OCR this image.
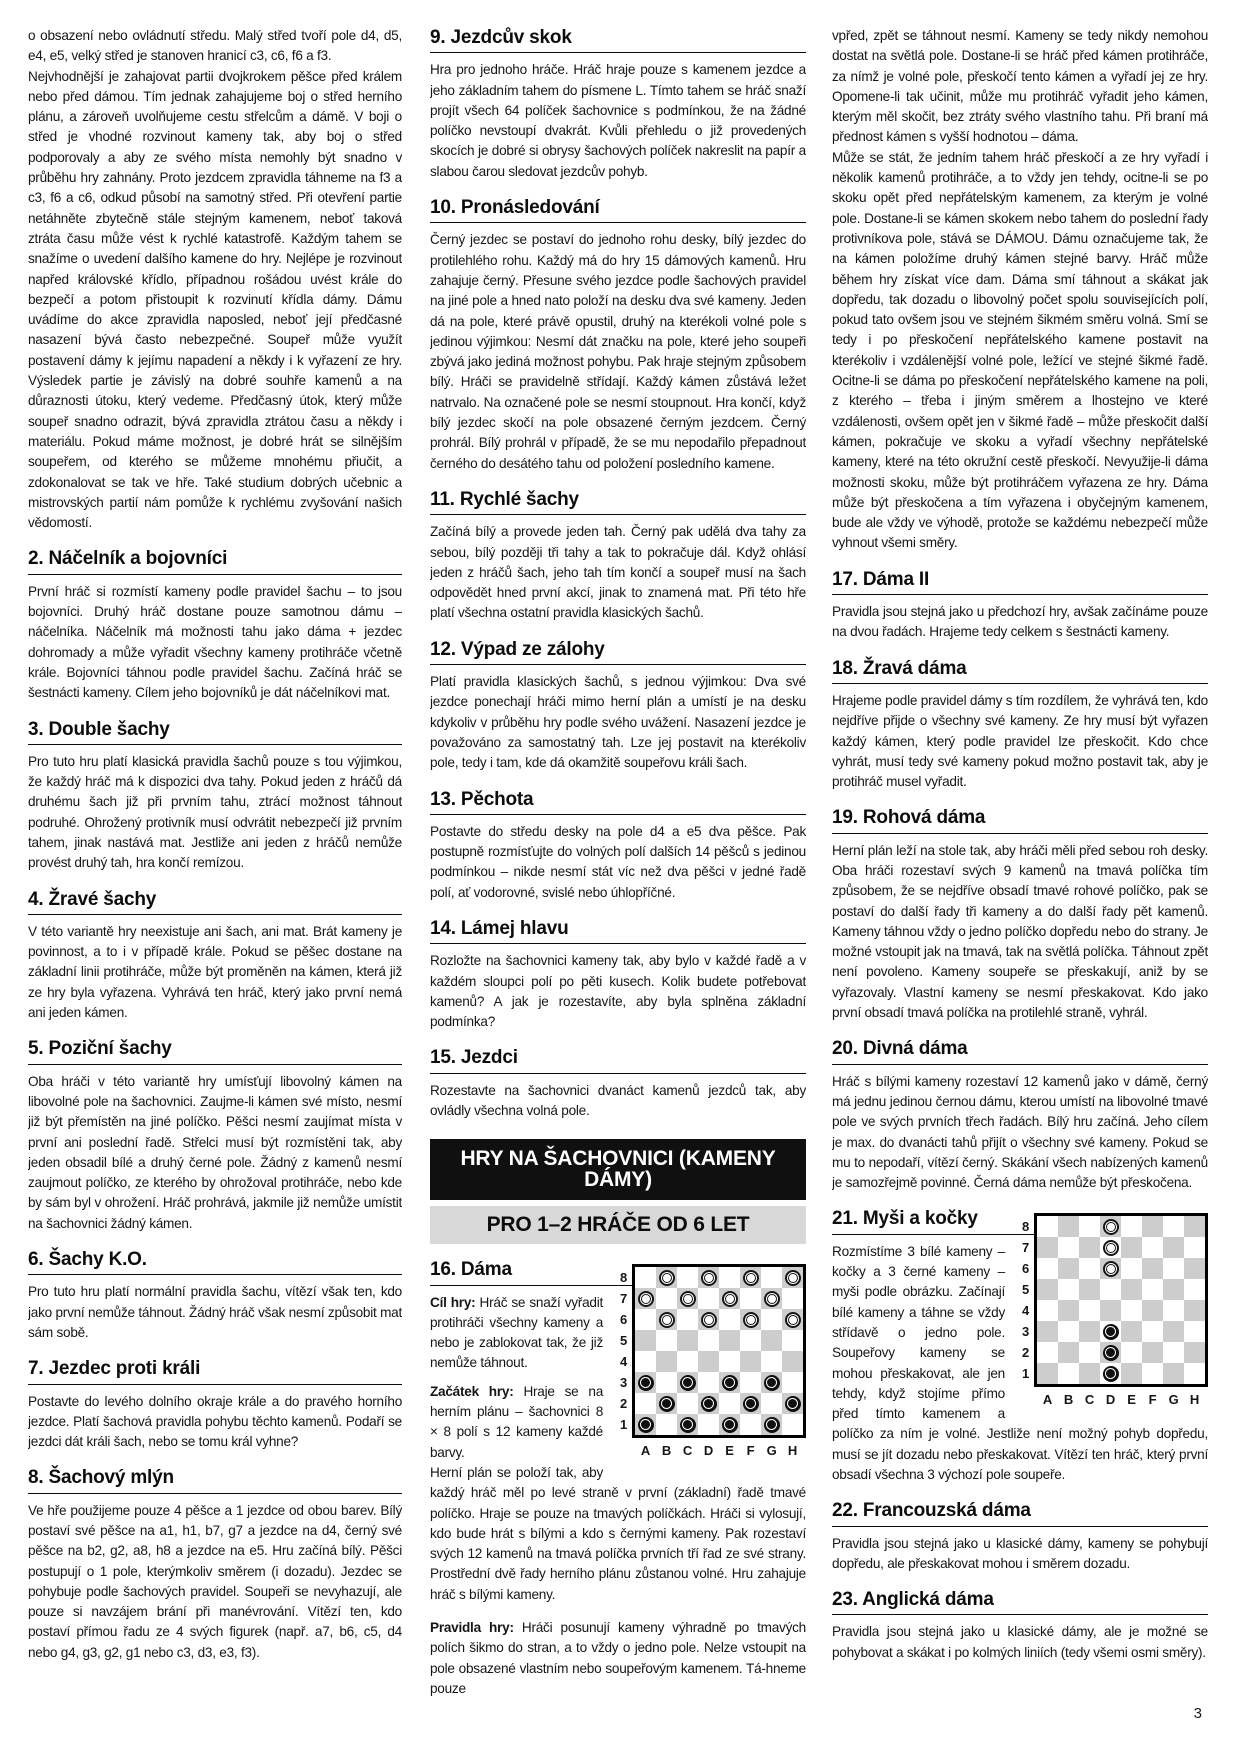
o obsazení nebo ovládnutí středu. Malý střed tvoří pole d4, d5, e4, e5, velký střed je stanoven hranicí c3, c6, f6 a f3.

Nejvhodnější je zahajovat partii dvojkrokem pěšce před králem nebo před dámou. Tím jednak zahajujeme boj o střed herního plánu, a zároveň uvolňujeme cestu střelcům a dámě. V boji o střed je vhodné rozvinout kameny tak, aby boj o střed podporovaly a aby ze svého místa nemohly být snadno v průběhu hry zahnány. Proto jezdcem zpravidla táhneme na f3 a c3, f6 a c6, odkud působí na samotný střed. Při otevření partie netáhněte zbytečně stále stejným kamenem, neboť taková ztráta času může vést k rychlé katastrofě. Každým tahem se snažíme o uvedení dalšího kamene do hry. Nejlépe je rozvinout napřed královské křídlo, případnou rošádou uvést krále do bezpečí a potom přistoupit k rozvinutí křídla dámy. Dámu uvádíme do akce zpravidla naposled, neboť její předčasné nasazení bývá často nebezpečné. Soupeř může využít postavení dámy k jejímu napadení a někdy i k vyřazení ze hry. Výsledek partie je závislý na dobré souhře kamenů a na důraznosti útoku, který vedeme. Předčasný útok, který může soupeř snadno odrazit, bývá zpravidla ztrátou času a někdy i materiálu. Pokud máme možnost, je dobré hrát se silnějším soupeřem, od kterého se můžeme mnohému přiučit, a zdokonalovat se tak ve hře. Také studium dobrých učebnic a mistrovských partií nám pomůže k rychlému zvyšování našich vědomostí.

2. Náčelník a bojovníci

První hráč si rozmístí kameny podle pravidel šachu – to jsou bojovníci. Druhý hráč dostane pouze samotnou dámu – náčelníka. Náčelník má možnosti tahu jako dáma + jezdec dohromady a může vyřadit všechny kameny protihráče včetně krále. Bojovníci táhnou podle pravidel šachu. Začíná hráč se šestnácti kameny. Cílem jeho bojovníků je dát náčelníkovi mat.

3. Double šachy

Pro tuto hru platí klasická pravidla šachů pouze s tou výjimkou, že každý hráč má k dispozici dva tahy. Pokud jeden z hráčů dá druhému šach již při prvním tahu, ztrácí možnost táhnout podruhé. Ohrožený protivník musí odvrátit nebezpečí již prvním tahem, jinak nastává mat. Jestliže ani jeden z hráčů nemůže provést druhý tah, hra končí remízou.

4. Žravé šachy

V této variantě hry neexistuje ani šach, ani mat. Brát kameny je povinnost, a to i v případě krále. Pokud se pěšec dostane na základní linii protihráče, může být proměněn na kámen, která již ze hry byla vyřazena. Vyhrává ten hráč, který jako první nemá ani jeden kámen.

5. Poziční šachy

Oba hráči v této variantě hry umísťují libovolný kámen na libovolné pole na šachovnici. Zaujme-li kámen své místo, nesmí již být přemístěn na jiné políčko. Pěšci nesmí zaujímat místa v první ani poslední řadě. Střelci musí být rozmístěni tak, aby jeden obsadil bílé a druhý černé pole. Žádný z kamenů nesmí zaujmout políčko, ze kterého by ohrožoval protihráče, nebo kde by sám byl v ohrožení. Hráč prohrává, jakmile již nemůže umístit na šachovnici žádný kámen.

6. Šachy K.O.

Pro tuto hru platí normální pravidla šachu, vítězí však ten, kdo jako první nemůže táhnout. Žádný hráč však nesmí způsobit mat sám sobě.

7. Jezdec proti králi

Postavte do levého dolního okraje krále a do pravého horního jezdce. Platí šachová pravidla pohybu těchto kamenů. Podaří se jezdci dát králi šach, nebo se tomu král vyhne?

8. Šachový mlýn

Ve hře použijeme pouze 4 pěšce a 1 jezdce od obou barev. Bílý postaví své pěšce na a1, h1, b7, g7 a jezdce na d4, černý své pěšce na b2, g2, a8, h8 a jezdce na e5. Hru začíná bílý. Pěšci postupují o 1 pole, kterýmkoliv směrem (i dozadu). Jezdec se pohybuje podle šachových pravidel. Soupeři se nevyhazují, ale pouze si navzájem brání při manévrování. Vítězí ten, kdo postaví přímou řadu ze 4 svých figurek (např. a7, b6, c5, d4 nebo g4, g3, g2, g1 nebo c3, d3, e3, f3).

9. Jezdcův skok

Hra pro jednoho hráče. Hráč hraje pouze s kamenem jezdce a jeho základním tahem do písmene L. Tímto tahem se hráč snaží projít všech 64 políček šachovnice s podmínkou, že na žádné políčko nevstoupí dvakrát. Kvůli přehledu o již provedených skocích je dobré si obrysy šachových políček nakreslit na papír a slabou čarou sledovat jezdcův pohyb.

10. Pronásledování

Černý jezdec se postaví do jednoho rohu desky, bílý jezdec do protilehlého rohu. Každý má do hry 15 dámových kamenů. Hru zahajuje černý. Přesune svého jezdce podle šachových pravidel na jiné pole a hned nato položí na desku dva své kameny. Jeden dá na pole, které právě opustil, druhý na kterékoli volné pole s jedinou výjimkou: Nesmí dát značku na pole, které jeho soupeři zbývá jako jediná možnost pohybu. Pak hraje stejným způsobem bílý. Hráči se pravidelně střídají. Každý kámen zůstává ležet natrvalo. Na označené pole se nesmí stoupnout. Hra končí, když bílý jezdec skočí na pole obsazené černým jezdcem. Černý prohrál. Bílý prohrál v případě, že se mu nepodařilo přepadnout černého do desátého tahu od položení posledního kamene.

11. Rychlé šachy

Začíná bílý a provede jeden tah. Černý pak udělá dva tahy za sebou, bílý později tři tahy a tak to pokračuje dál. Když ohlásí jeden z hráčů šach, jeho tah tím končí a soupeř musí na šach odpovědět hned první akcí, jinak to znamená mat. Při této hře platí všechna ostatní pravidla klasických šachů.

12. Výpad ze zálohy

Platí pravidla klasických šachů, s jednou výjimkou: Dva své jezdce ponechají hráči mimo herní plán a umístí je na desku kdykoliv v průběhu hry podle svého uvážení. Nasazení jezdce je považováno za samostatný tah. Lze jej postavit na kterékoliv pole, tedy i tam, kde dá okamžitě soupeřovu králi šach.

13. Pěchota

Postavte do středu desky na pole d4 a e5 dva pěšce. Pak postupně rozmísťujte do volných polí dalších 14 pěšců s jedinou podmínkou – nikde nesmí stát víc než dva pěšci v jedné řadě polí, ať vodorovné, svislé nebo úhlopříčné.

14. Lámej hlavu

Rozložte na šachovnici kameny tak, aby bylo v každé řadě a v každém sloupci polí po pěti kusech. Kolik budete potřebovat kamenů? A jak je rozestavíte, aby byla splněna základní podmínka?

15. Jezdci

Rozestavte na šachovnici dvanáct kamenů jezdců tak, aby ovládly všechna volná pole.

HRY NA ŠACHOVNICI (KAMENY DÁMY)
PRO 1–2 HRÁČE OD 6 LET
8
7
6
5
4
3
2
1
A B C D E F G H
16. Dáma

Cíl hry: Hráč se snaží vyřadit protihráči všechny kameny a nebo je zablokovat tak, že již nemůže táhnout.

Začátek hry: Hraje se na herním plánu – šachovnici 8 × 8 polí s 12 kameny každé barvy.

Herní plán se položí tak, aby každý hráč měl po levé straně v první (základní) řadě tmavé políčko. Hraje se pouze na tmavých políčkách. Hráči si vylosují, kdo bude hrát s bílými a kdo s černými kameny. Pak rozestaví svých 12 kamenů na tmavá políčka prvních tří řad ze své strany. Prostřední dvě řady herního plánu zůstanou volné. Hru zahajuje hráč s bílými kameny.

Pravidla hry: Hráči posunují kameny výhradně po tmavých polích šikmo do stran, a to vždy o jedno pole. Nelze vstoupit na pole obsazené vlastním nebo soupeřovým kamenem. Tá-hneme pouze

vpřed, zpět se táhnout nesmí. Kameny se tedy nikdy nemohou dostat na světlá pole. Dostane-li se hráč před kámen protihráče, za nímž je volné pole, přeskočí tento kámen a vyřadí jej ze hry. Opomene-li tak učinit, může mu protihráč vyřadit jeho kámen, kterým měl skočit, bez ztráty svého vlastního tahu. Při braní má přednost kámen s vyšší hodnotou – dáma.

Může se stát, že jedním tahem hráč přeskočí a ze hry vyřadí i několik kamenů protihráče, a to vždy jen tehdy, ocitne-li se po skoku opět před nepřátelským kamenem, za kterým je volné pole. Dostane-li se kámen skokem nebo tahem do poslední řady protivníkova pole, stává se DÁMOU. Dámu označujeme tak, že na kámen položíme druhý kámen stejné barvy. Hráč může během hry získat více dam. Dáma smí táhnout a skákat jak dopředu, tak dozadu o libovolný počet spolu souvisejících polí, pokud tato ovšem jsou ve stejném šikmém směru volná. Smí se tedy i po přeskočení nepřátelského kamene postavit na kterékoliv i vzdálenější volné pole, ležící ve stejné šikmé řadě. Ocitne-li se dáma po přeskočení nepřátelského kamene na poli, z kterého – třeba i jiným směrem a lhostejno ve které vzdálenosti, ovšem opět jen v šikmé řadě – může přeskočit další kámen, pokračuje ve skoku a vyřadí všechny nepřátelské kameny, které na této okružní cestě přeskočí. Nevyužije-li dáma možnosti skoku, může být protihráčem vyřazena ze hry. Dáma může být přeskočena a tím vyřazena i obyčejným kamenem, bude ale vždy ve výhodě, protože se každému nebezpečí může vyhnout všemi směry.

17. Dáma II

Pravidla jsou stejná jako u předchozí hry, avšak začínáme pouze na dvou řadách. Hrajeme tedy celkem s šestnácti kameny.

18. Žravá dáma

Hrajeme podle pravidel dámy s tím rozdílem, že vyhrává ten, kdo nejdříve přijde o všechny své kameny. Ze hry musí být vyřazen každý kámen, který podle pravidel lze přeskočit. Kdo chce vyhrát, musí tedy své kameny pokud možno postavit tak, aby je protihráč musel vyřadit.

19. Rohová dáma

Herní plán leží na stole tak, aby hráči měli před sebou roh desky. Oba hráči rozestaví svých 9 kamenů na tmavá políčka tím způsobem, že se nejdříve obsadí tmavé rohové políčko, pak se postaví do další řady tři kameny a do další řady pět kamenů. Kameny táhnou vždy o jedno políčko dopředu nebo do strany. Je možné vstoupit jak na tmavá, tak na světlá políčka. Táhnout zpět není povoleno. Kameny soupeře se přeskakují, aniž by se vyřazovaly. Vlastní kameny se nesmí přeskakovat. Kdo jako první obsadí tmavá políčka na protilehlé straně, vyhrál.

20. Divná dáma

Hráč s bílými kameny rozestaví 12 kamenů jako v dámě, černý má jednu jedinou černou dámu, kterou umístí na libovolné tmavé pole ve svých prvních třech řadách. Bílý hru začíná. Jeho cílem je max. do dvanácti tahů přijít o všechny své kameny. Pokud se mu to nepodaří, vítězí černý. Skákání všech nabízených kamenů je samozřejmě povinné. Černá dáma nemůže být přeskočena.

8
7
6
5
4
3
2
1
A B C D E F G H
21. Myši a kočky

Rozmístíme 3 bílé kameny – kočky a 3 černé kameny – myši podle obrázku. Začínají bílé kameny a táhne se vždy střídavě o jedno pole. Soupeřovy kameny se mohou přeskakovat, ale jen tehdy, když stojíme přímo před tímto kamenem a políčko za ním je volné. Jestliže není možný pohyb dopředu, musí se jít dozadu nebo přeskakovat. Vítězí ten hráč, který první obsadí všechna 3 výchozí pole soupeře.

22. Francouzská dáma

Pravidla jsou stejná jako u klasické dámy, kameny se pohybují dopředu, ale přeskakovat mohou i směrem dozadu.

23. Anglická dáma

Pravidla jsou stejná jako u klasické dámy, ale je možné se pohybovat a skákat i po kolmých liniích (tedy všemi osmi směry).

3
